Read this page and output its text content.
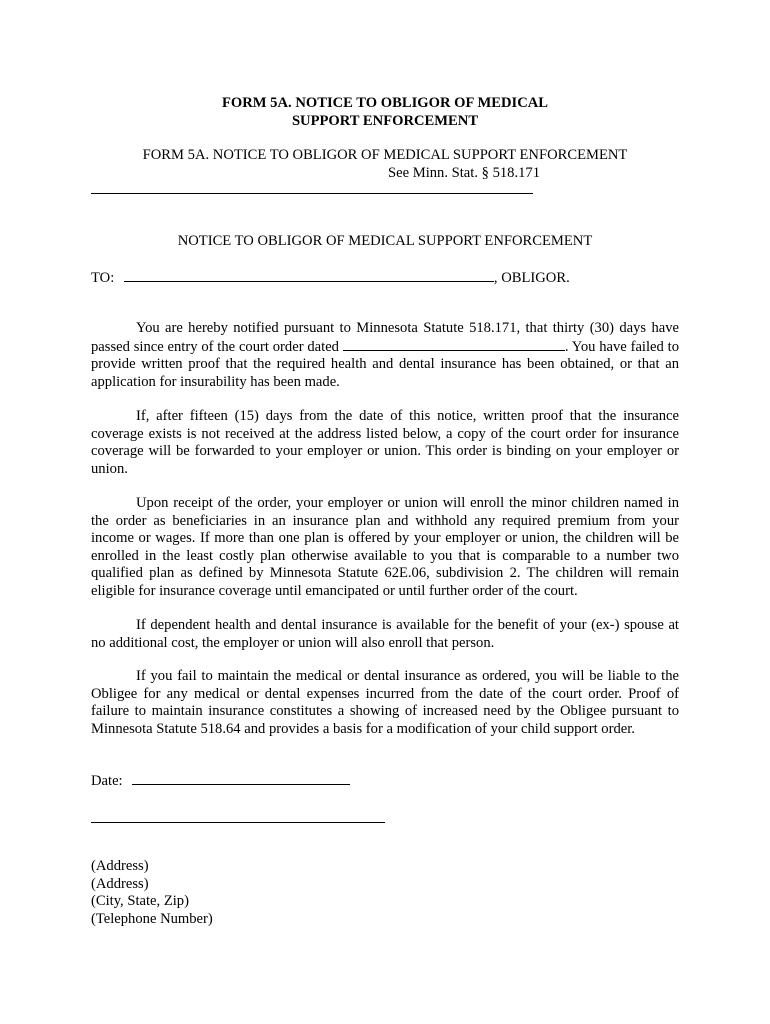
FORM 5A. NOTICE TO OBLIGOR OF MEDICAL
SUPPORT ENFORCEMENT
FORM 5A. NOTICE TO OBLIGOR OF MEDICAL SUPPORT ENFORCEMENT
See Minn. Stat. § 518.171
NOTICE TO OBLIGOR OF MEDICAL SUPPORT ENFORCEMENT
TO:	, OBLIGOR.

You are hereby notified pursuant to Minnesota Statute 518.171, that thirty (30) days have passed since entry of the court order dated	. You have failed to provide written proof that the required health and dental insurance has been obtained, or that an application for insurability has been made.

If, after fifteen (15) days from the date of this notice, written proof that the insurance coverage exists is not received at the address listed below, a copy of the court order for insurance coverage will be forwarded to your employer or union. This order is binding on your employer or union.

Upon receipt of the order, your employer or union will enroll the minor children named in the order as beneficiaries in an insurance plan and withhold any required premium from your income or wages. If more than one plan is offered by your employer or union, the children will be enrolled in the least costly plan otherwise available to you that is comparable to a number two qualified plan as defined by Minnesota Statute 62E.06, subdivision 2. The children will remain eligible for insurance coverage until emancipated or until further order of the court.

If dependent health and dental insurance is available for the benefit of your (ex-) spouse at no additional cost, the employer or union will also enroll that person.

If you fail to maintain the medical or dental insurance as ordered, you will be liable to the Obligee for any medical or dental expenses incurred from the date of the court order. Proof of failure to maintain insurance constitutes a showing of increased need by the Obligee pursuant to Minnesota Statute 518.64 and provides a basis for a modification of your child support order.

Date:
(Address)
(Address)
(City, State, Zip)
(Telephone Number)
